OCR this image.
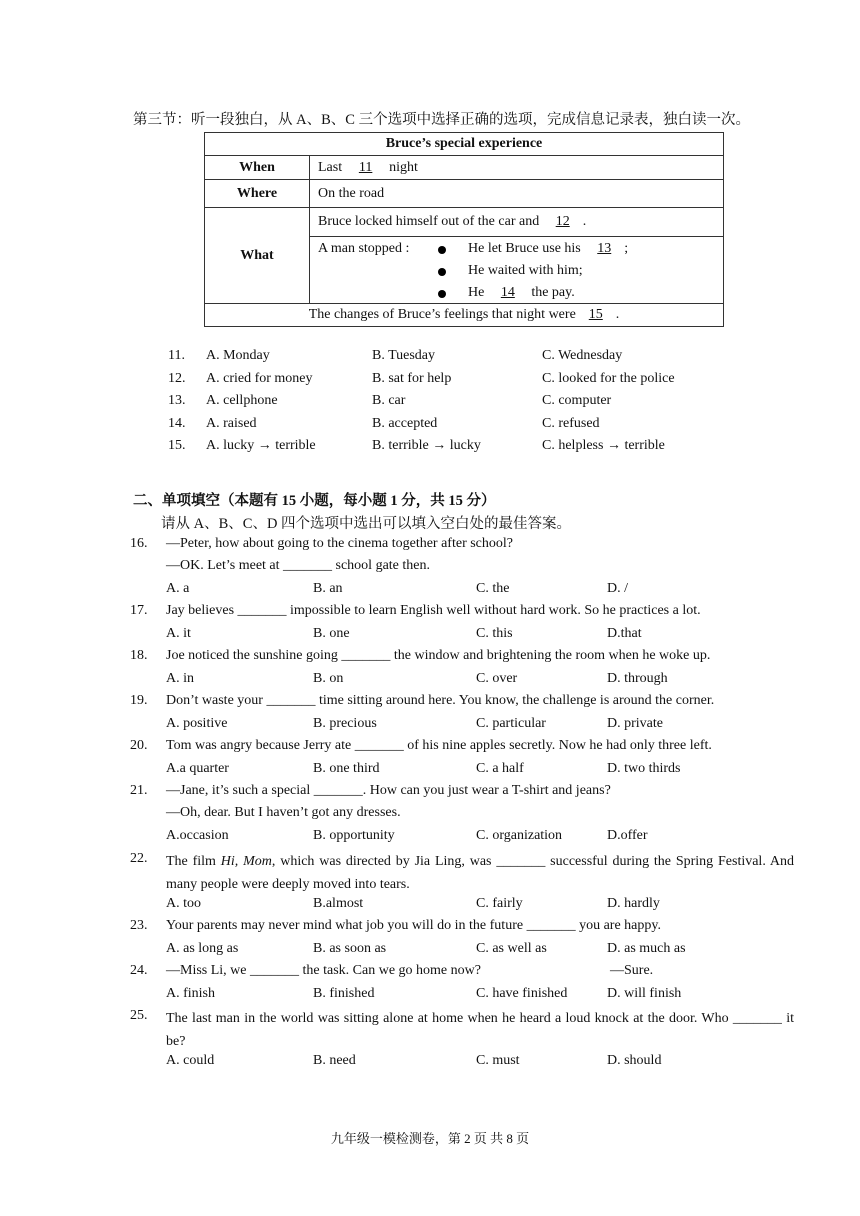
第三节：听一段独白，从 A、B、C 三个选项中选择正确的选项，完成信息记录表，独白读一次。
Bruce’s special experience	
When	Last 11 night
Where	On the road
What	Bruce locked himself out of the car and 12 .

	A man stopped : He let Bruce use his 13 ;
He waited with him;
He 14 the pay.

The changes of Bruce’s feelings that night were 15 .	
11. A. Monday	B. Tuesday	C. Wednesday
12. A. cried for money	B. sat for help	C. looked for the police
13. A. cellphone	B. car	C. computer
14. A. raised	B. accepted	C. refused
15. A. lucky → terrible	B. terrible → lucky	C. helpless → terrible
二、单项填空（本题有 15 小题，每小题 1 分，共 15 分）
请从 A、B、C、D 四个选项中选出可以填入空白处的最佳答案。
16. —Peter, how about going to the cinema together after school?
—OK. Let’s meet at _______ school gate then.
A. a	B. an	C. the	D. /
17. Jay believes _______ impossible to learn English well without hard work. So he practices a lot.
A. it	B. one	C. this	D.that
18. Joe noticed the sunshine going _______ the window and brightening the room when he woke up.
A. in	B. on	C. over	D. through
19. Don’t waste your _______ time sitting around here. You know, the challenge is around the corner.
A. positive	B. precious	C. particular	D. private
20. Tom was angry because Jerry ate _______ of his nine apples secretly. Now he had only three left.
A.a quarter	B. one third	C. a half	D. two thirds
21. —Jane, it’s such a special _______. How can you just wear a T-shirt and jeans?
—Oh, dear. But I haven’t got any dresses.
A.occasion	B. opportunity	C. organization	D.offer
22. The film Hi, Mom, which was directed by Jia Ling, was _______ successful during the Spring Festival. And many people were deeply moved into tears.
A. too	B.almost	C. fairly	D. hardly
23. Your parents may never mind what job you will do in the future _______ you are happy.
A. as long as	B. as soon as	C. as well as	D. as much as
24. —Miss Li, we _______ the task. Can we go home now?	—Sure.
A. finish	B. finished	C. have finished	D. will finish
25. The last man in the world was sitting alone at home when he heard a loud knock at the door. Who _______ it be?
A. could	B. need	C. must	D. should
九年级一模检测卷，第 2 页 共 8 页
